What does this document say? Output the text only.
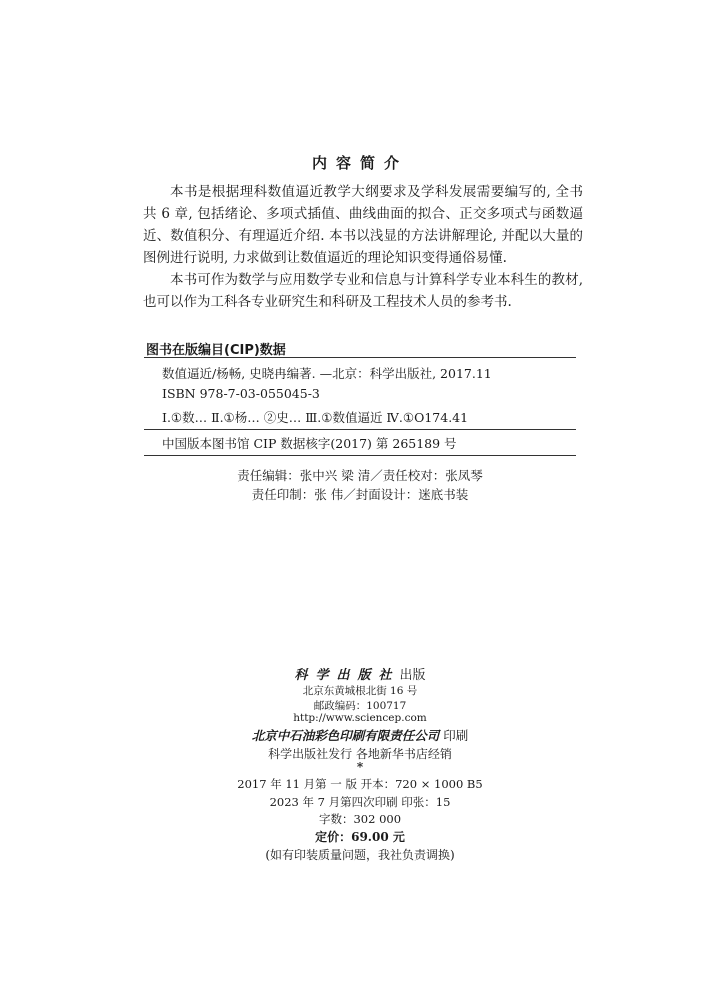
内容简介

本书是根据理科数值逼近教学大纲要求及学科发展需要编写的, 全书共 6 章, 包括绪论、多项式插值、曲线曲面的拟合、正交多项式与函数逼近、数值积分、有理逼近介绍. 本书以浅显的方法讲解理论, 并配以大量的图例进行说明, 力求做到让数值逼近的理论知识变得通俗易懂.

本书可作为数学与应用数学专业和信息与计算科学专业本科生的教材, 也可以作为工科各专业研究生和科研及工程技术人员的参考书.

图书在版编目(CIP)数据
数值逼近/杨畅, 史晓冉编著. —北京：科学出版社, 2017.11
ISBN 978-7-03-055045-3
Ⅰ.①数… Ⅱ.①杨… ②史… Ⅲ.①数值逼近 Ⅳ.①O174.41
中国版本图书馆 CIP 数据核字(2017) 第 265189 号
责任编辑：张中兴 梁 清／责任校对：张凤琴
责任印制：张 伟／封面设计：迷底书装
科学出版社出版
北京东黄城根北街 16 号
邮政编码：100717
http://www.sciencep.com
北京中石油彩色印刷有限责任公司 印刷
科学出版社发行 各地新华书店经销
*
2017 年 11 月第 一 版 开本：720 × 1000 B5
2023 年 7 月第四次印刷 印张：15
字数：302 000
定价：69.00 元
(如有印装质量问题，我社负责调换)
